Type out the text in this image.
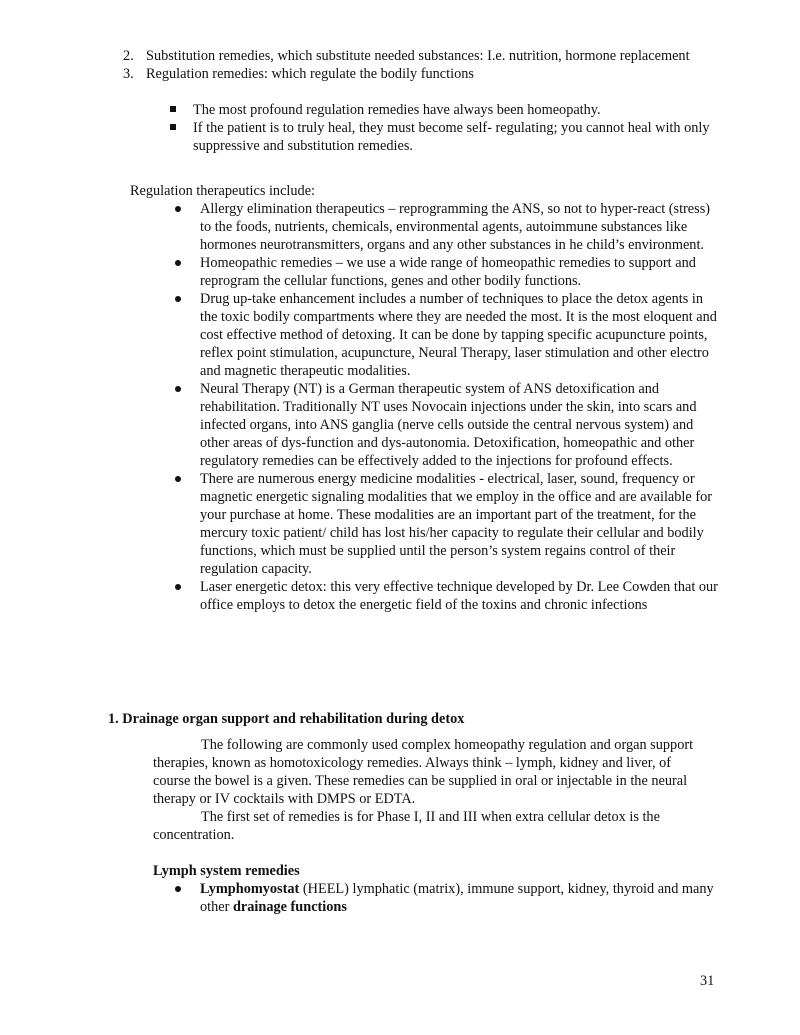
2. Substitution remedies, which substitute needed substances: I.e. nutrition, hormone replacement
3. Regulation remedies: which regulate the bodily functions
The most profound regulation remedies have always been homeopathy.
If the patient is to truly heal, they must become self- regulating; you cannot heal with only suppressive and substitution remedies.

Regulation therapeutics include:

Allergy elimination therapeutics – reprogramming the ANS, so not to hyper-react (stress) to the foods, nutrients, chemicals, environmental agents, autoimmune substances like hormones neurotransmitters, organs and any other substances in he child’s environment.
Homeopathic remedies – we use a wide range of homeopathic remedies to support and reprogram the cellular functions, genes and other bodily functions.
Drug up-take enhancement includes a number of techniques to place the detox agents in the toxic bodily compartments where they are needed the most. It is the most eloquent and cost effective method of detoxing. It can be done by tapping specific acupuncture points, reflex point stimulation, acupuncture, Neural Therapy, laser stimulation and other electro and magnetic therapeutic modalities.
Neural Therapy (NT) is a German therapeutic system of ANS detoxification and rehabilitation. Traditionally NT uses Novocain injections under the skin, into scars and infected organs, into ANS ganglia (nerve cells outside the central nervous system) and other areas of dys-function and dys-autonomia. Detoxification, homeopathic and other regulatory remedies can be effectively added to the injections for profound effects.
There are numerous energy medicine modalities - electrical, laser, sound, frequency or magnetic energetic signaling modalities that we employ in the office and are available for your purchase at home. These modalities are an important part of the treatment, for the mercury toxic patient/ child has lost his/her capacity to regulate their cellular and bodily functions, which must be supplied until the person’s system regains control of their regulation capacity.
Laser energetic detox: this very effective technique developed by Dr. Lee Cowden that our office employs to detox the energetic field of the toxins and chronic infections

1. Drainage organ support and rehabilitation during detox

The following are commonly used complex homeopathy regulation and organ support therapies, known as homotoxicology remedies. Always think – lymph, kidney and liver, of course the bowel is a given. These remedies can be supplied in oral or injectable in the neural therapy or IV cocktails with DMPS or EDTA.

The first set of remedies is for Phase I, II and III when extra cellular detox is the concentration.

Lymph system remedies

Lymphomyostat (HEEL) lymphatic (matrix), immune support, kidney, thyroid and many other drainage functions

31
